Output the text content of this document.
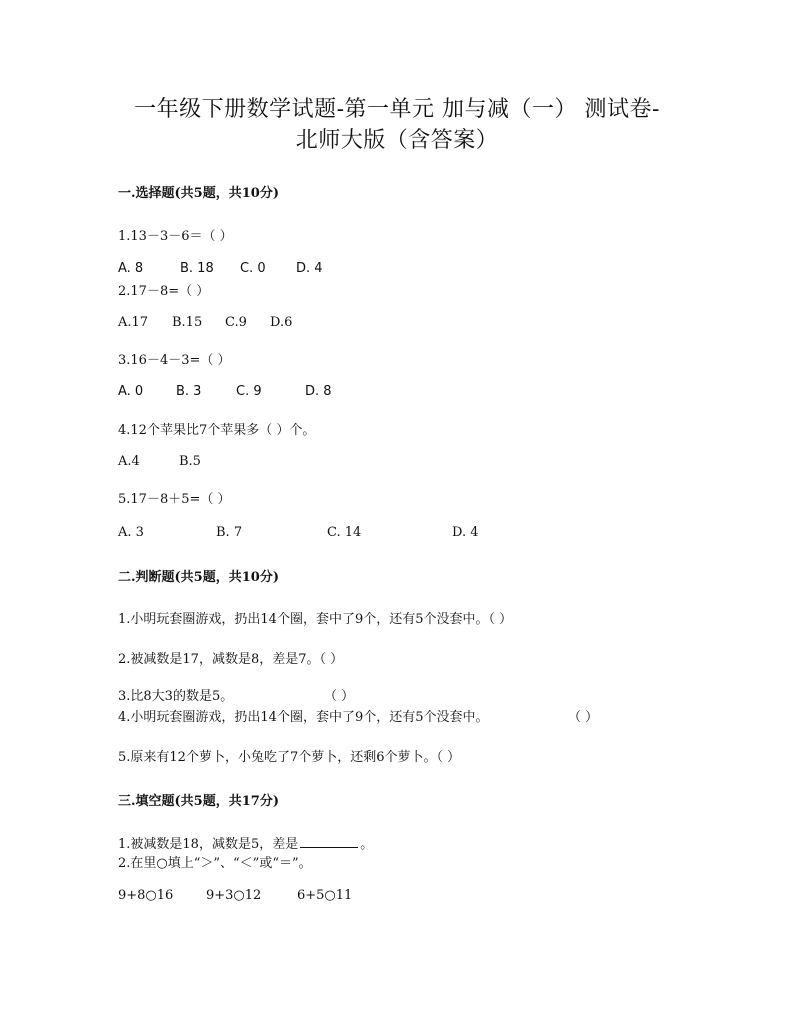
一年级下册数学试题-第一单元 加与减（一） 测试卷-
北师大版（含答案）
一.选择题(共5题，共10分)
1.13－3－6＝（ ）
A. 8	B. 18 C. 0 D. 4
2.17－8=（ ）
A.17 B.15 C.9 D.6
3.16－4－3=（ ）
A. 0	B. 3	C. 9	D. 8
4.12个苹果比7个苹果多（ ）个。
A.4	B.5
5.17－8＋5=（ ）
A. 3	B. 7	C. 14	D. 4
二.判断题(共5题，共10分)
1.小明玩套圈游戏，扔出14个圈，套中了9个，还有5个没套中。（ ）
2.被减数是17，减数是8，差是7。（ ）
3.比8大3的数是5。	（ ）
4.小明玩套圈游戏，扔出14个圈，套中了9个，还有5个没套中。	（ ）
5.原来有12个萝卜，小兔吃了7个萝卜，还剩6个萝卜。（ ）
三.填空题(共5题，共17分)
1.被减数是18，减数是5，差是	。
2.在里○填上“＞”、“＜”或“＝”。
9+8○16	9+3○12	6+5○11
